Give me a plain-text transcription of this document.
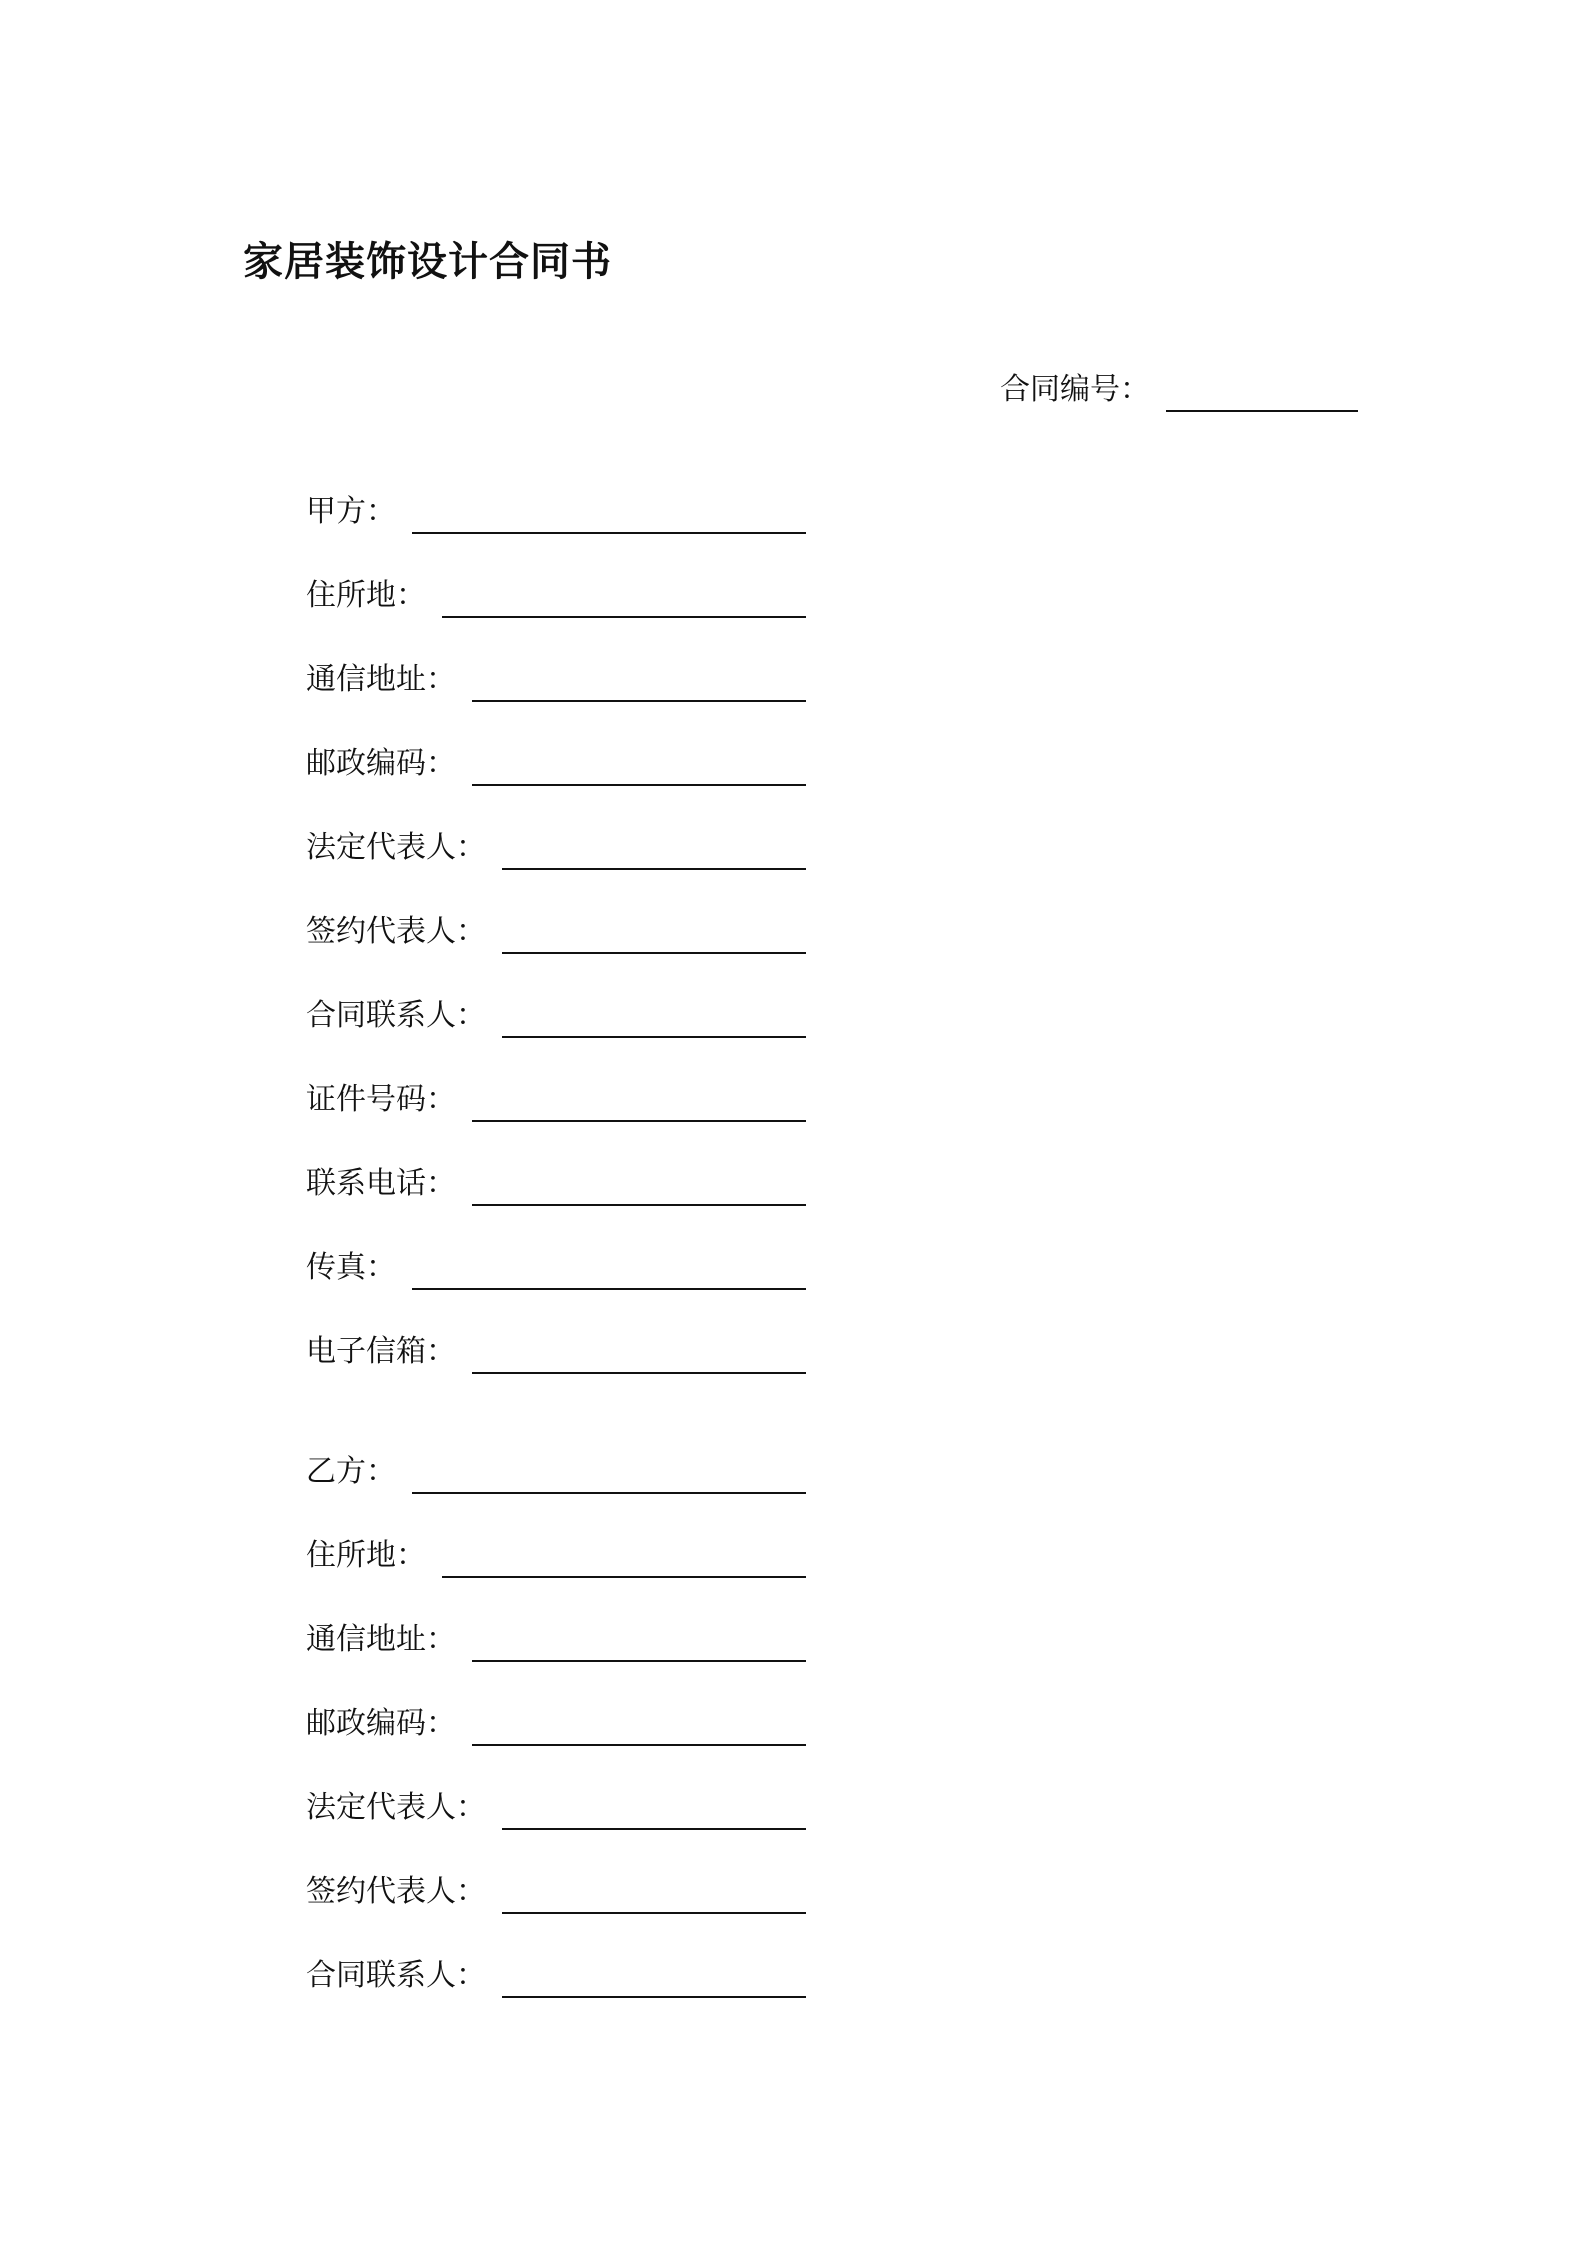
家居装饰设计合同书
合同编号：
甲方：
住所地：
通信地址：
邮政编码：
法定代表人：
签约代表人：
合同联系人：
证件号码：
联系电话：
传真：
电子信箱：
乙方：
住所地：
通信地址：
邮政编码：
法定代表人：
签约代表人：
合同联系人：
